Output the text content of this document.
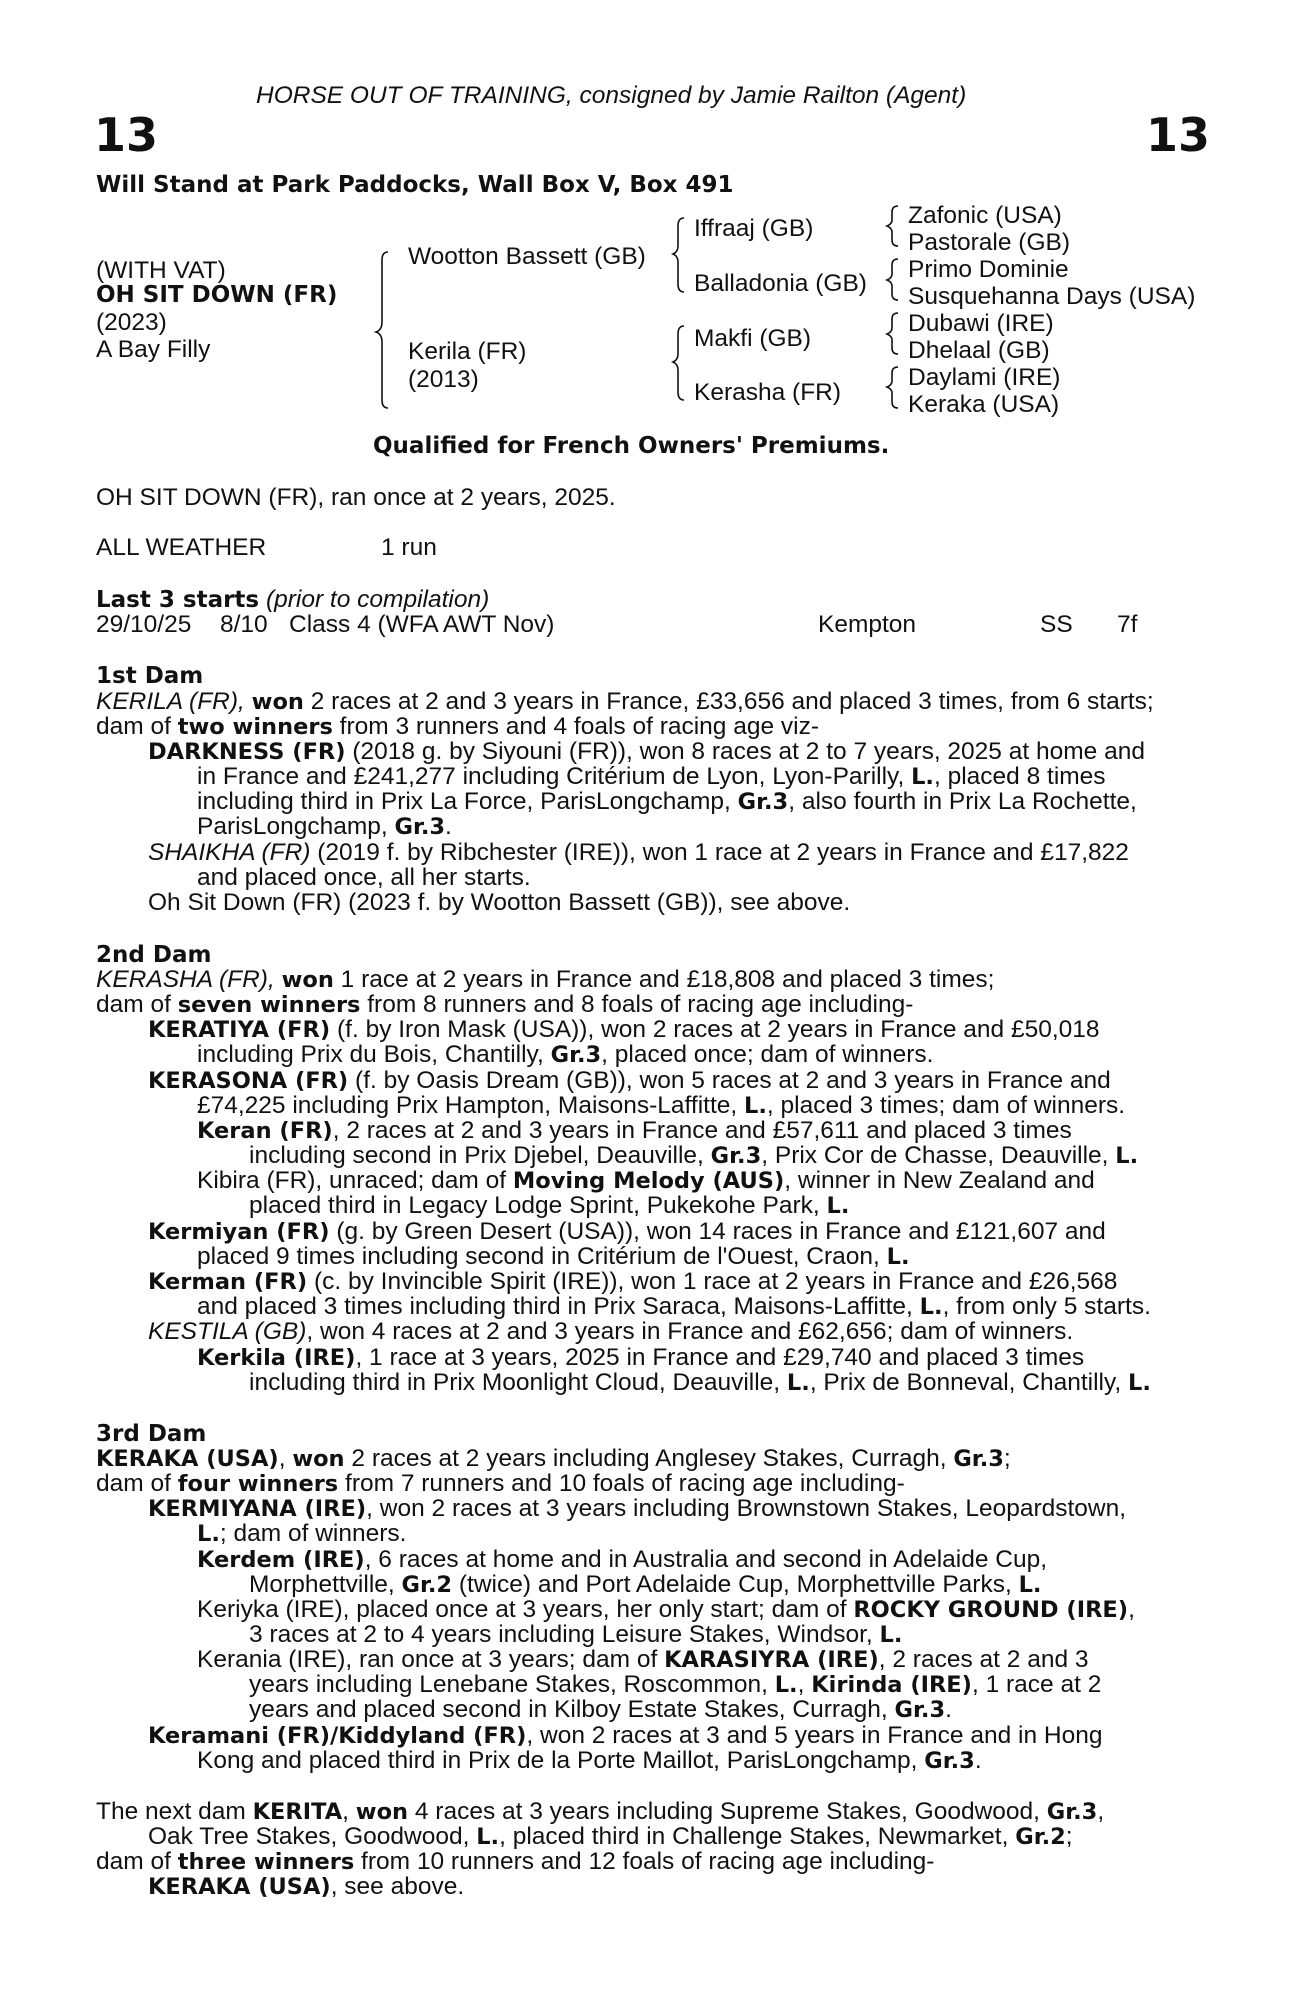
HORSE OUT OF TRAINING, consigned by Jamie Railton (Agent)
13	13
Will Stand at Park Paddocks, Wall Box V, Box 491
(WITH VAT)
OH SIT DOWN (FR)
(2023)
A Bay Filly
Wootton Bassett (GB)
Kerila (FR)
(2013)
Iffraaj (GB)
Balladonia (GB)
Makfi (GB)
Kerasha (FR)
Zafonic (USA)
Pastorale (GB)
Primo Dominie
Susquehanna Days (USA)
Dubawi (IRE)
Dhelaal (GB)
Daylami (IRE)
Keraka (USA)
Qualified for French Owners' Premiums.
OH SIT DOWN (FR), ran once at 2 years, 2025.
ALL WEATHER	1 run
Last 3 starts (prior to compilation)
29/10/25 8/10 Class 4 (WFA AWT Nov)	Kempton	SS 7f
1st Dam
KERILA (FR), won 2 races at 2 and 3 years in France, £33,656 and placed 3 times, from 6 starts;
dam of two winners from 3 runners and 4 foals of racing age viz-
DARKNESS (FR) (2018 g. by Siyouni (FR)), won 8 races at 2 to 7 years, 2025 at home and
in France and £241,277 including Critérium de Lyon, Lyon-Parilly, L., placed 8 times
including third in Prix La Force, ParisLongchamp, Gr.3, also fourth in Prix La Rochette,
ParisLongchamp, Gr.3.
SHAIKHA (FR) (2019 f. by Ribchester (IRE)), won 1 race at 2 years in France and £17,822
and placed once, all her starts.
Oh Sit Down (FR) (2023 f. by Wootton Bassett (GB)), see above.
2nd Dam
KERASHA (FR), won 1 race at 2 years in France and £18,808 and placed 3 times;
dam of seven winners from 8 runners and 8 foals of racing age including-
KERATIYA (FR) (f. by Iron Mask (USA)), won 2 races at 2 years in France and £50,018
including Prix du Bois, Chantilly, Gr.3, placed once; dam of winners.
KERASONA (FR) (f. by Oasis Dream (GB)), won 5 races at 2 and 3 years in France and
£74,225 including Prix Hampton, Maisons-Laffitte, L., placed 3 times; dam of winners.
Keran (FR), 2 races at 2 and 3 years in France and £57,611 and placed 3 times
including second in Prix Djebel, Deauville, Gr.3, Prix Cor de Chasse, Deauville, L.
Kibira (FR), unraced; dam of Moving Melody (AUS), winner in New Zealand and
placed third in Legacy Lodge Sprint, Pukekohe Park, L.
Kermiyan (FR) (g. by Green Desert (USA)), won 14 races in France and £121,607 and
placed 9 times including second in Critérium de l'Ouest, Craon, L.
Kerman (FR) (c. by Invincible Spirit (IRE)), won 1 race at 2 years in France and £26,568
and placed 3 times including third in Prix Saraca, Maisons-Laffitte, L., from only 5 starts.
KESTILA (GB), won 4 races at 2 and 3 years in France and £62,656; dam of winners.
Kerkila (IRE), 1 race at 3 years, 2025 in France and £29,740 and placed 3 times
including third in Prix Moonlight Cloud, Deauville, L., Prix de Bonneval, Chantilly, L.
3rd Dam
KERAKA (USA), won 2 races at 2 years including Anglesey Stakes, Curragh, Gr.3;
dam of four winners from 7 runners and 10 foals of racing age including-
KERMIYANA (IRE), won 2 races at 3 years including Brownstown Stakes, Leopardstown,
L.; dam of winners.
Kerdem (IRE), 6 races at home and in Australia and second in Adelaide Cup,
Morphettville, Gr.2 (twice) and Port Adelaide Cup, Morphettville Parks, L.
Keriyka (IRE), placed once at 3 years, her only start; dam of ROCKY GROUND (IRE),
3 races at 2 to 4 years including Leisure Stakes, Windsor, L.
Kerania (IRE), ran once at 3 years; dam of KARASIYRA (IRE), 2 races at 2 and 3
years including Lenebane Stakes, Roscommon, L., Kirinda (IRE), 1 race at 2
years and placed second in Kilboy Estate Stakes, Curragh, Gr.3.
Keramani (FR)/Kiddyland (FR), won 2 races at 3 and 5 years in France and in Hong
Kong and placed third in Prix de la Porte Maillot, ParisLongchamp, Gr.3.
The next dam KERITA, won 4 races at 3 years including Supreme Stakes, Goodwood, Gr.3,
Oak Tree Stakes, Goodwood, L., placed third in Challenge Stakes, Newmarket, Gr.2;
dam of three winners from 10 runners and 12 foals of racing age including-
KERAKA (USA), see above.
